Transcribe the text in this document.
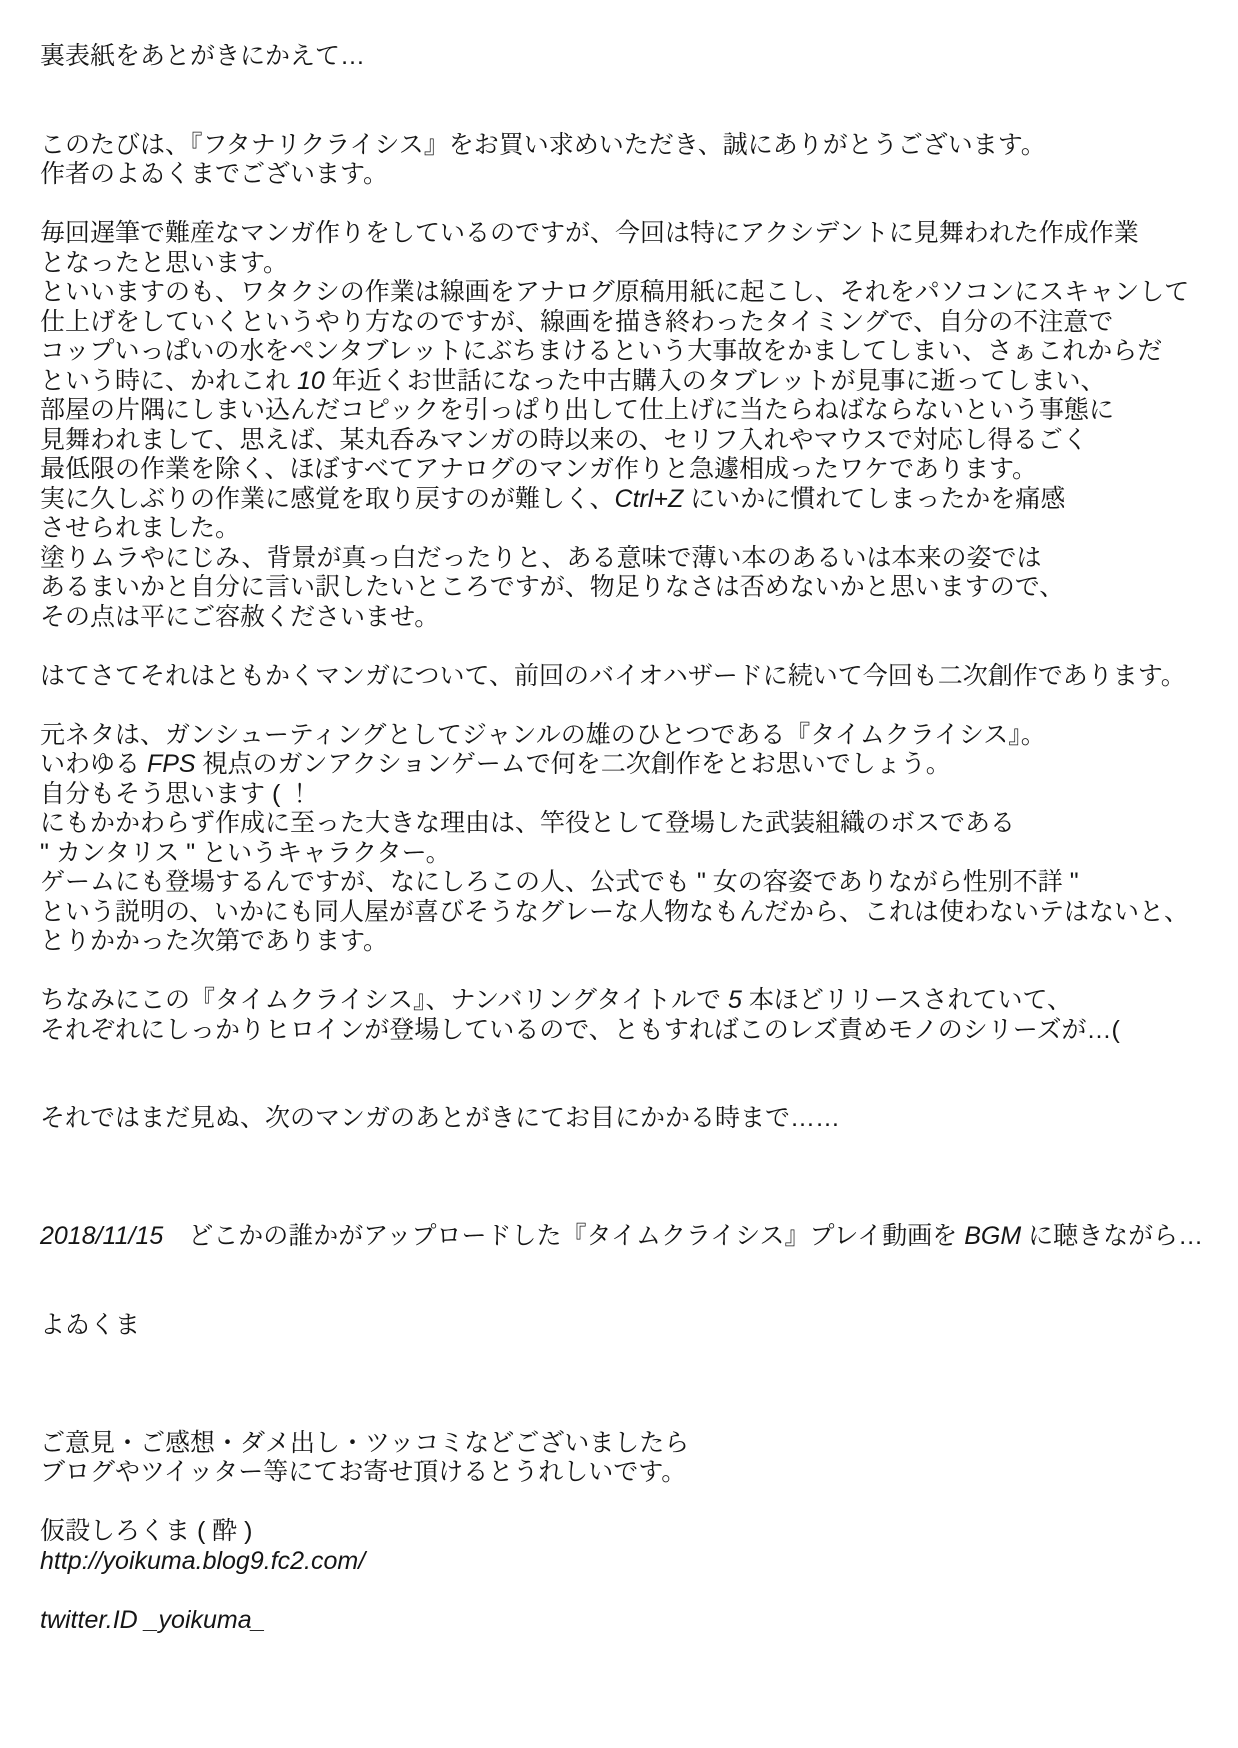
裏表紙をあとがきにかえて…
このたびは、『フタナリクライシス』をお買い求めいただき、誠にありがとうございます。
作者のよゐくまでございます。
毎回遅筆で難産なマンガ作りをしているのですが、今回は特にアクシデントに見舞われた作成作業
となったと思います。
といいますのも、ワタクシの作業は線画をアナログ原稿用紙に起こし、それをパソコンにスキャンして
仕上げをしていくというやり方なのですが、線画を描き終わったタイミングで、自分の不注意で
コップいっぱいの水をペンタブレットにぶちまけるという大事故をかましてしまい、さぁこれからだ
という時に、かれこれ 10 年近くお世話になった中古購入のタブレットが見事に逝ってしまい、
部屋の片隅にしまい込んだコピックを引っぱり出して仕上げに当たらねばならないという事態に
見舞われまして、思えば、某丸呑みマンガの時以来の、セリフ入れやマウスで対応し得るごく
最低限の作業を除く、ほぼすべてアナログのマンガ作りと急遽相成ったワケであります。
実に久しぶりの作業に感覚を取り戻すのが難しく、Ctrl+Z にいかに慣れてしまったかを痛感
させられました。
塗りムラやにじみ、背景が真っ白だったりと、ある意味で薄い本のあるいは本来の姿では
あるまいかと自分に言い訳したいところですが、物足りなさは否めないかと思いますので、
その点は平にご容赦くださいませ。
はてさてそれはともかくマンガについて、前回のバイオハザードに続いて今回も二次創作であります。
元ネタは、ガンシューティングとしてジャンルの雄のひとつである『タイムクライシス』。
いわゆる FPS 視点のガンアクションゲームで何を二次創作をとお思いでしょう。
自分もそう思います ( ！
にもかかわらず作成に至った大きな理由は、竿役として登場した武装組織のボスである
" カンタリス " というキャラクター。
ゲームにも登場するんですが、なにしろこの人、公式でも " 女の容姿でありながら性別不詳 "
という説明の、いかにも同人屋が喜びそうなグレーな人物なもんだから、これは使わないテはないと、
とりかかった次第であります。
ちなみにこの『タイムクライシス』、ナンバリングタイトルで 5 本ほどリリースされていて、
それぞれにしっかりヒロインが登場しているので、ともすればこのレズ責めモノのシリーズが…(
それではまだ見ぬ、次のマンガのあとがきにてお目にかかる時まで……
2018/11/15　どこかの誰かがアップロードした『タイムクライシス』プレイ動画を BGM に聴きながら…
よゐくま
ご意見・ご感想・ダメ出し・ツッコミなどございましたら
ブログやツイッター等にてお寄せ頂けるとうれしいです。
仮設しろくま ( 酔 )
http://yoikuma.blog9.fc2.com/
twitter.ID _yoikuma_
